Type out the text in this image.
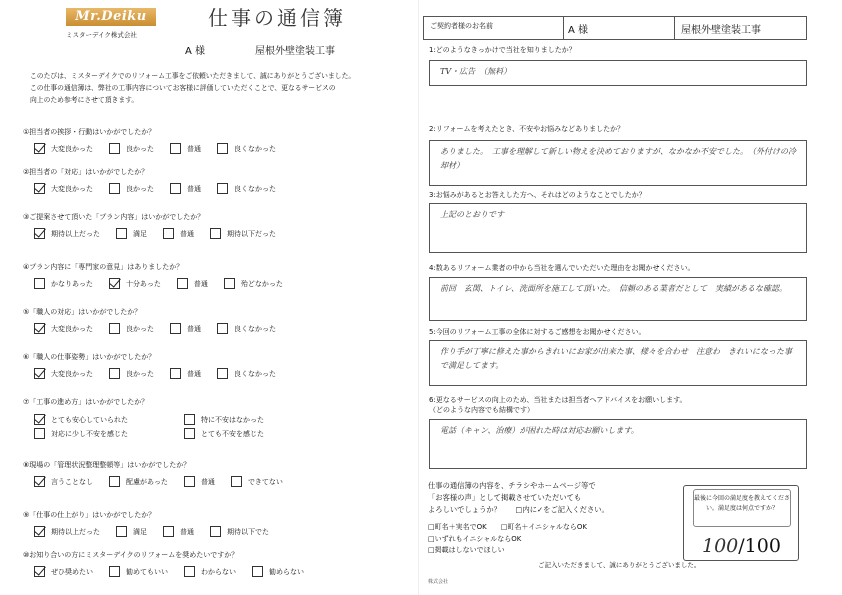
Mr.Deiku
ミスターデイク株式会社
仕事の通信簿
A 様	屋根外壁塗装工事
このたびは、ミスターデイクでのリフォーム工事をご依頼いただきまして、誠にありがとうございました。
この仕事の通信簿は、弊社の工事内容についてお客様に評価していただくことで、更なるサービスの
向上のため参考にさせて頂きます。
①担当者の挨拶・行動はいかがでしたか？
大変良かった	良かった	普通	良くなかった
②担当者の「対応」はいかがでしたか？
大変良かった	良かった	普通	良くなかった
③ご提案させて頂いた「プラン内容」はいかがでしたか？
期待以上だった	満足	普通	期待以下だった
④プラン内容に「専門家の意見」はありましたか？
かなりあった	十分あった	普通	殆どなかった
⑤「職人の対応」はいかがでしたか？
大変良かった	良かった	普通	良くなかった
⑥「職人の仕事姿勢」はいかがでしたか？
大変良かった	良かった	普通	良くなかった
⑦「工事の進め方」はいかがでしたか？
とても安心していられた	特に不安はなかった
対応に少し不安を感じた	とても不安を感じた
⑧現場の「管理状況整理整頓等」はいかがでしたか？
言うことなし	配慮があった	普通	できてない
⑨「仕事の仕上がり」はいかがでしたか？
期待以上だった	満足	普通	期待以下でた
⑩お知り合いの方にミスターデイクのリフォームを奨めたいですか？
ぜひ奨めたい	勧めてもいい	わからない	勧めらない
ご契約者様のお名前	A 様	屋根外壁塗装工事
1:どのようなきっかけで当社を知りましたか？
TV・広告　（無料）
2:リフォームを考えたとき、不安やお悩みなどありましたか？
ありました。　工事を理解して新しい物えを決めておりますが、なかなか不安でした。　（外付けの冷却材）
3:お悩みがあるとお答えした方へ、それはどのようなことでしたか？
上記のとおりです
4:数あるリフォーム業者の中から当社を選んでいただいた理由をお聞かせください。
前回　玄関、トイレ、洗面所を施工して頂いた。　信頼のある業者だとして　実績があるな確認。
5:今回のリフォーム工事の全体に対するご感想をお聞かせください。
作り手が丁寧に修えた事からきれいにお家が出来た事、様々を合わせ　注意わ　きれいになった事で満足してます。
6:更なるサービスの向上のため、当社または担当者へアドバイスをお願いします。
（どのような内容でも結構です）
電話（キャン、治療）が困れた時は対応お願いします。
仕事の通信簿の内容を、チラシやホームページ等で
「お客様の声」として掲載させていただいても
よろしいでしょうか？　　□内に✓をご記入ください。
□町名＋実名でOK　　□町名＋イニシャルならOK
□いずれもイニシャルならOK
□掲載はしないでほしい
最後に今回の満足度を教えてください。満足度は何点ですか？
100/100
ご記入いただきまして、誠にありがとうございました。
株式会社
